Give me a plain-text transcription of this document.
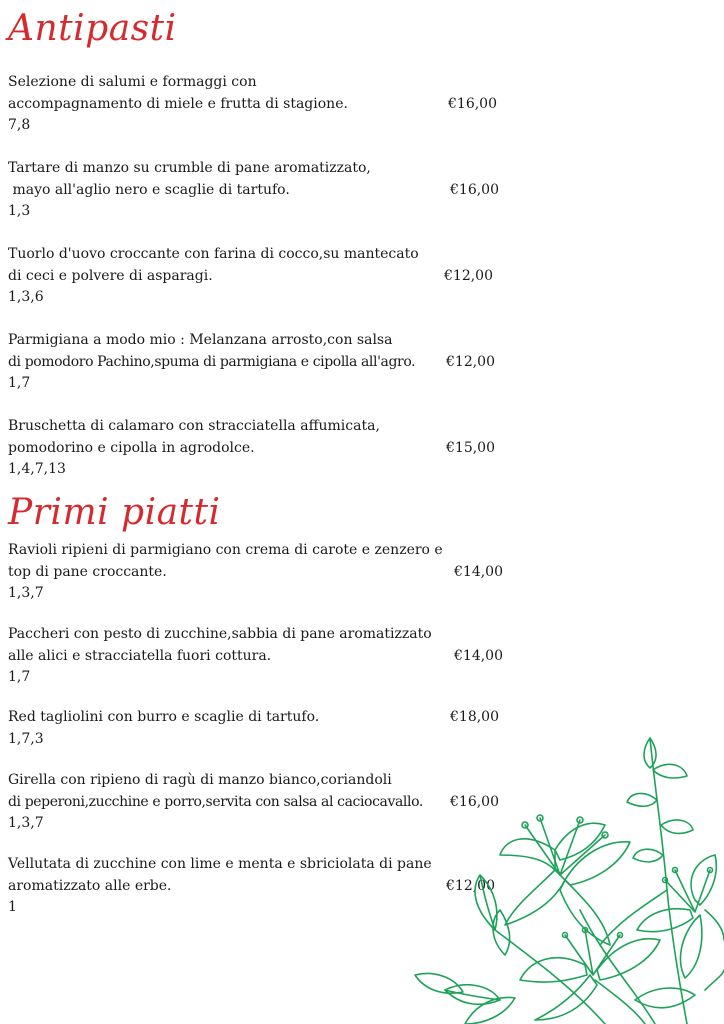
Antipasti
Selezione di salumi e formaggi con
accompagnamento di miele e frutta di stagione.	€16,00
7,8
Tartare di manzo su crumble di pane aromatizzato,
mayo all'aglio nero e scaglie di tartufo.	€16,00
1,3
Tuorlo d'uovo croccante con farina di cocco,su mantecato
di ceci e polvere di asparagi.	€12,00
1,3,6
Parmigiana a modo mio : Melanzana arrosto,con salsa
di pomodoro Pachino,spuma di parmigiana e cipolla all'agro. €12,00
1,7
Bruschetta di calamaro con stracciatella affumicata,
pomodorino e cipolla in agrodolce.	€15,00
1,4,7,13
Primi piatti
Ravioli ripieni di parmigiano con crema di carote e zenzero e
top di pane croccante.	€14,00
1,3,7
Paccheri con pesto di zucchine,sabbia di pane aromatizzato
alle alici e stracciatella fuori cottura.	€14,00
1,7
Red tagliolini con burro e scaglie di tartufo.	€18,00
1,7,3
Girella con ripieno di ragù di manzo bianco,coriandoli
di peperoni,zucchine e porro,servita con salsa al caciocavallo. €16,00
1,3,7
Vellutata di zucchine con lime e menta e sbriciolata di pane
aromatizzato alle erbe.	€12,00
1
